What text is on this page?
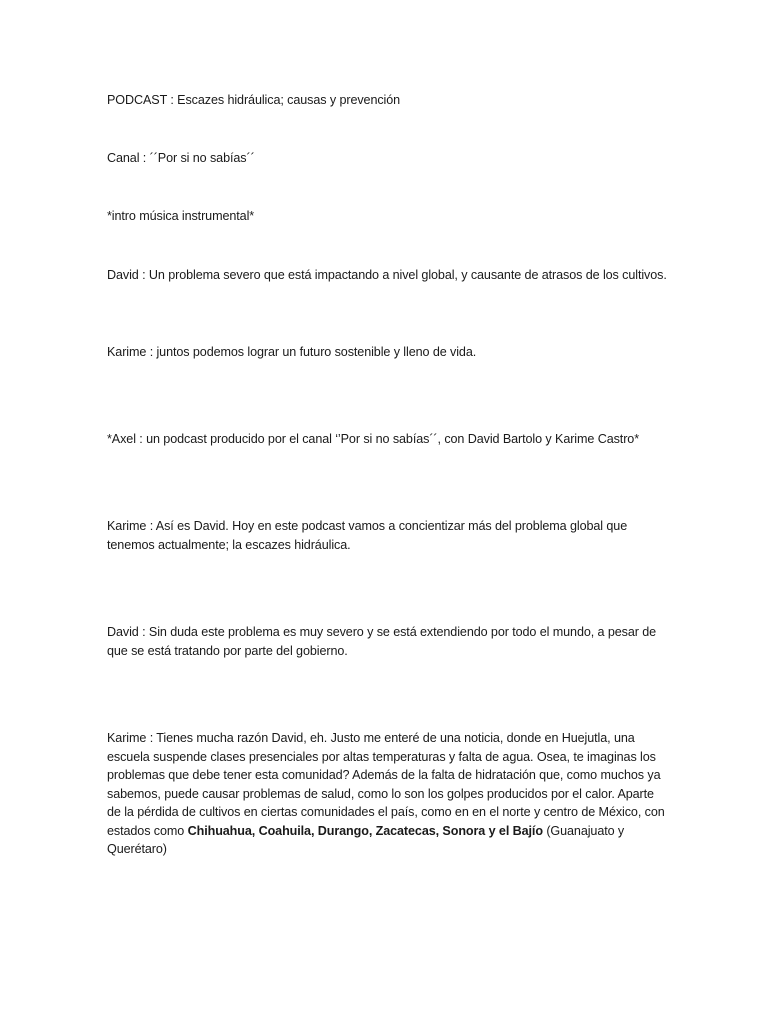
PODCAST : Escazes hidráulica; causas y prevención

Canal : ´´Por si no sabías´´

*intro música instrumental*

David : Un problema severo que está impactando a nivel global, y causante de atrasos de los cultivos.

Karime : juntos podemos lograr un futuro sostenible y lleno de vida.

*Axel : un podcast producido por el canal ‘’Por si no sabías´´, con David Bartolo y Karime Castro*

Karime : Así es David. Hoy en este podcast vamos a concientizar más del problema global que tenemos actualmente; la escazes hidráulica.

David : Sin duda este problema es muy severo y se está extendiendo por todo el mundo, a pesar de que se está tratando por parte del gobierno.

Karime : Tienes mucha razón David, eh. Justo me enteré de una noticia, donde en Huejutla, una escuela suspende clases presenciales por altas temperaturas y falta de agua. Osea, te imaginas los problemas que debe tener esta comunidad? Además de la falta de hidratación que, como muchos ya sabemos, puede causar problemas de salud, como lo son los golpes producidos por el calor. Aparte de la pérdida de cultivos en ciertas comunidades el país, como en en el norte y centro de México, con estados como Chihuahua, Coahuila, Durango, Zacatecas, Sonora y el Bajío (Guanajuato y Querétaro)
